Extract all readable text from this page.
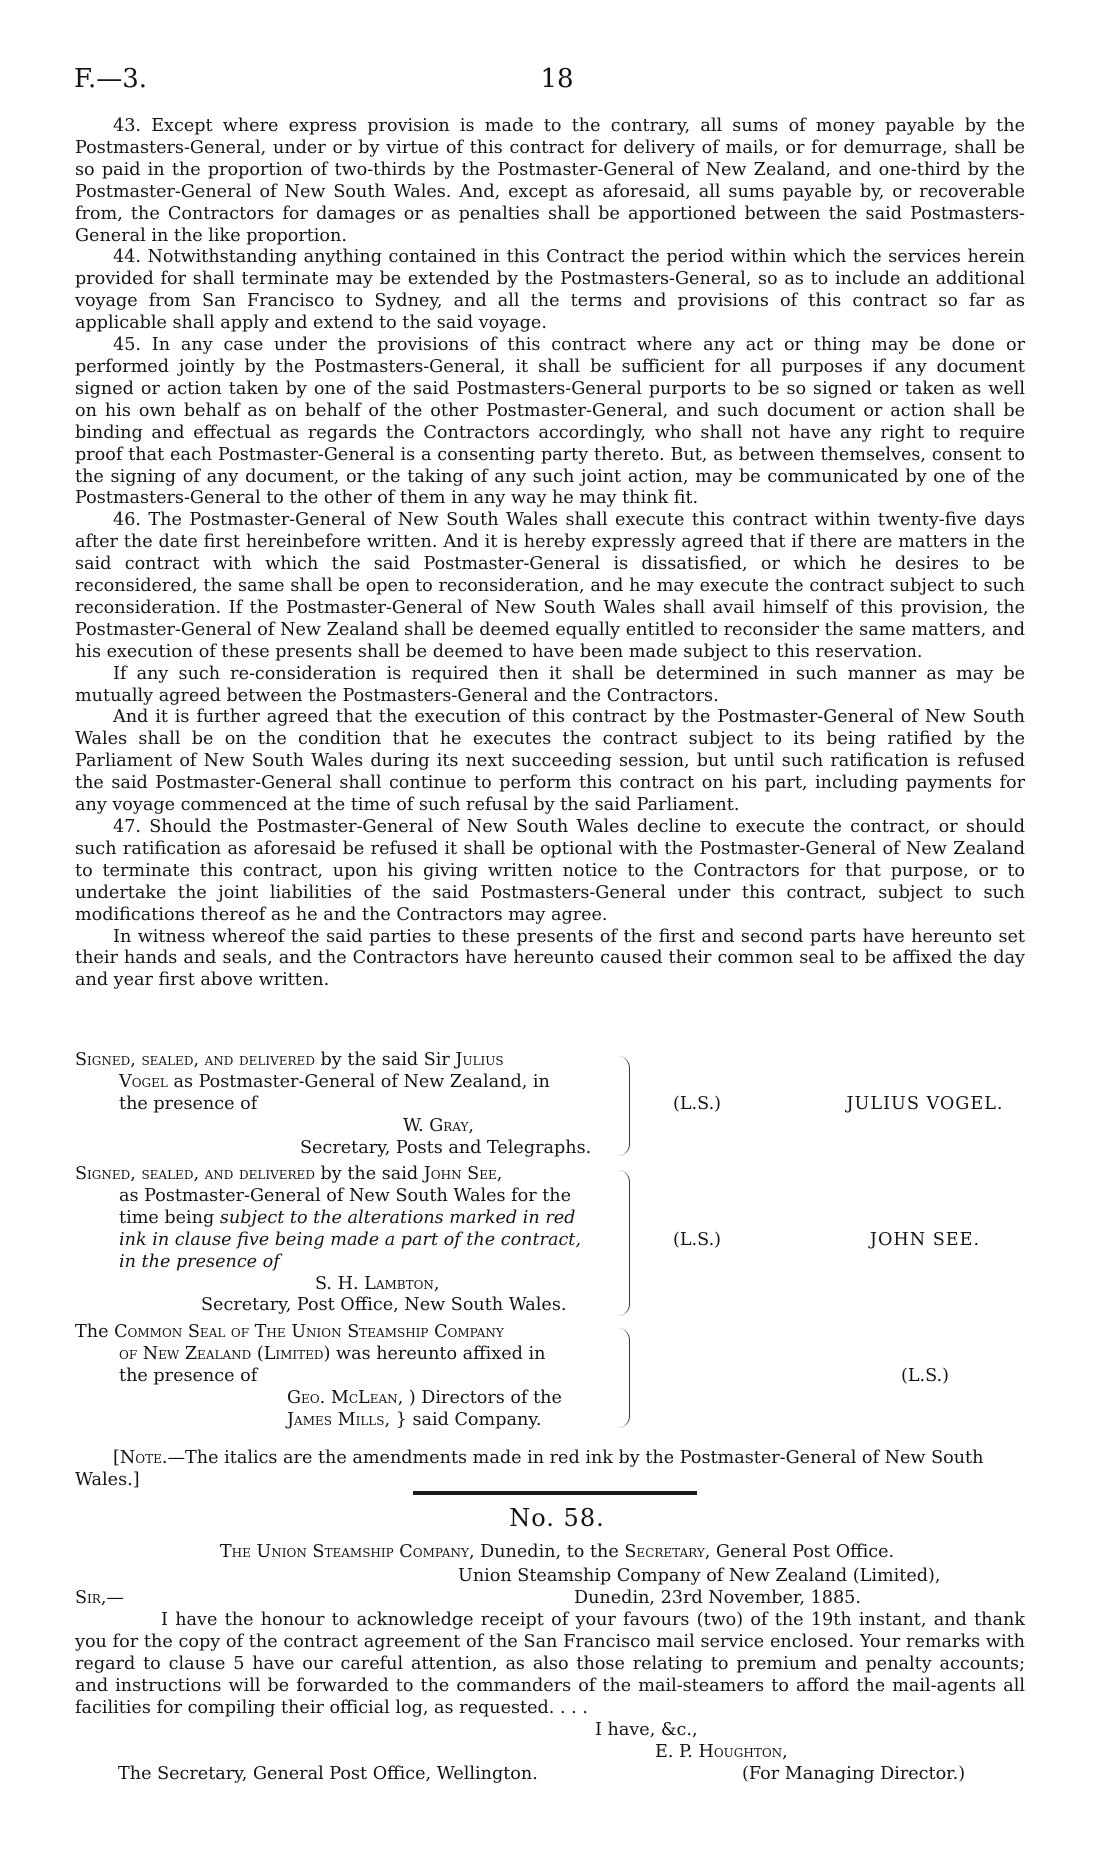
F.—3.	18

43. Except where express provision is made to the contrary, all sums of money payable by the Postmasters-General, under or by virtue of this contract for delivery of mails, or for demurrage, shall be so paid in the proportion of two-thirds by the Postmaster-General of New Zealand, and one-third by the Postmaster-General of New South Wales. And, except as aforesaid, all sums payable by, or recoverable from, the Contractors for damages or as penalties shall be apportioned between the said Postmasters-General in the like proportion.

44. Notwithstanding anything contained in this Contract the period within which the services herein provided for shall terminate may be extended by the Postmasters-General, so as to include an additional voyage from San Francisco to Sydney, and all the terms and provisions of this contract so far as applicable shall apply and extend to the said voyage.

45. In any case under the provisions of this contract where any act or thing may be done or performed jointly by the Postmasters-General, it shall be sufficient for all purposes if any document signed or action taken by one of the said Postmasters-General purports to be so signed or taken as well on his own behalf as on behalf of the other Postmaster-General, and such document or action shall be binding and effectual as regards the Contractors accordingly, who shall not have any right to require proof that each Postmaster-General is a consenting party thereto. But, as between themselves, consent to the signing of any document, or the taking of any such joint action, may be communicated by one of the Postmasters-General to the other of them in any way he may think fit.

46. The Postmaster-General of New South Wales shall execute this contract within twenty-five days after the date first hereinbefore written. And it is hereby expressly agreed that if there are matters in the said contract with which the said Postmaster-General is dissatisfied, or which he desires to be reconsidered, the same shall be open to reconsideration, and he may execute the contract subject to such reconsideration. If the Postmaster-General of New South Wales shall avail himself of this provision, the Postmaster-General of New Zealand shall be deemed equally entitled to reconsider the same matters, and his execution of these presents shall be deemed to have been made subject to this reservation.

If any such re-consideration is required then it shall be determined in such manner as may be mutually agreed between the Postmasters-General and the Contractors.

And it is further agreed that the execution of this contract by the Postmaster-General of New South Wales shall be on the condition that he executes the contract subject to its being ratified by the Parliament of New South Wales during its next succeeding session, but until such ratification is refused the said Postmaster-General shall continue to perform this contract on his part, including payments for any voyage commenced at the time of such refusal by the said Parliament.

47. Should the Postmaster-General of New South Wales decline to execute the contract, or should such ratification as aforesaid be refused it shall be optional with the Postmaster-General of New Zealand to terminate this contract, upon his giving written notice to the Contractors for that purpose, or to undertake the joint liabilities of the said Postmasters-General under this contract, subject to such modifications thereof as he and the Contractors may agree.

In witness whereof the said parties to these presents of the first and second parts have hereunto set their hands and seals, and the Contractors have hereunto caused their common seal to be affixed the day and year first above written.

Signed, sealed, and delivered by the said Sir Julius
Vogel as Postmaster-General of New Zealand, in
the presence of
W. Gray,
Secretary, Posts and Telegraphs.
(L.S.)	JULIUS VOGEL.
Signed, sealed, and delivered by the said John See,
as Postmaster-General of New South Wales for the
time being subject to the alterations marked in red
ink in clause five being made a part of the contract,
in the presence of
S. H. Lambton,
Secretary, Post Office, New South Wales.
(L.S.)	JOHN SEE.
The Common Seal of The Union Steamship Company
of New Zealand (Limited) was hereunto affixed in
the presence of
Geo. McLean, ) Directors of the
James Mills, } said Company.
(L.S.)
[Note.—The italics are the amendments made in red ink by the Postmaster-General of New South Wales.]
No. 58.
The Union Steamship Company, Dunedin, to the Secretary, General Post Office.
Union Steamship Company of New Zealand (Limited),
Dunedin, 23rd November, 1885.
Sir,—

I have the honour to acknowledge receipt of your favours (two) of the 19th instant, and thank you for the copy of the contract agreement of the San Francisco mail service enclosed. Your remarks with regard to clause 5 have our careful attention, as also those relating to premium and penalty accounts; and instructions will be forwarded to the commanders of the mail-steamers to afford the mail-agents all facilities for compiling their official log, as requested. . . .

I have, &c.,
E. P. Houghton,
The Secretary, General Post Office, Wellington.	(For Managing Director.)
